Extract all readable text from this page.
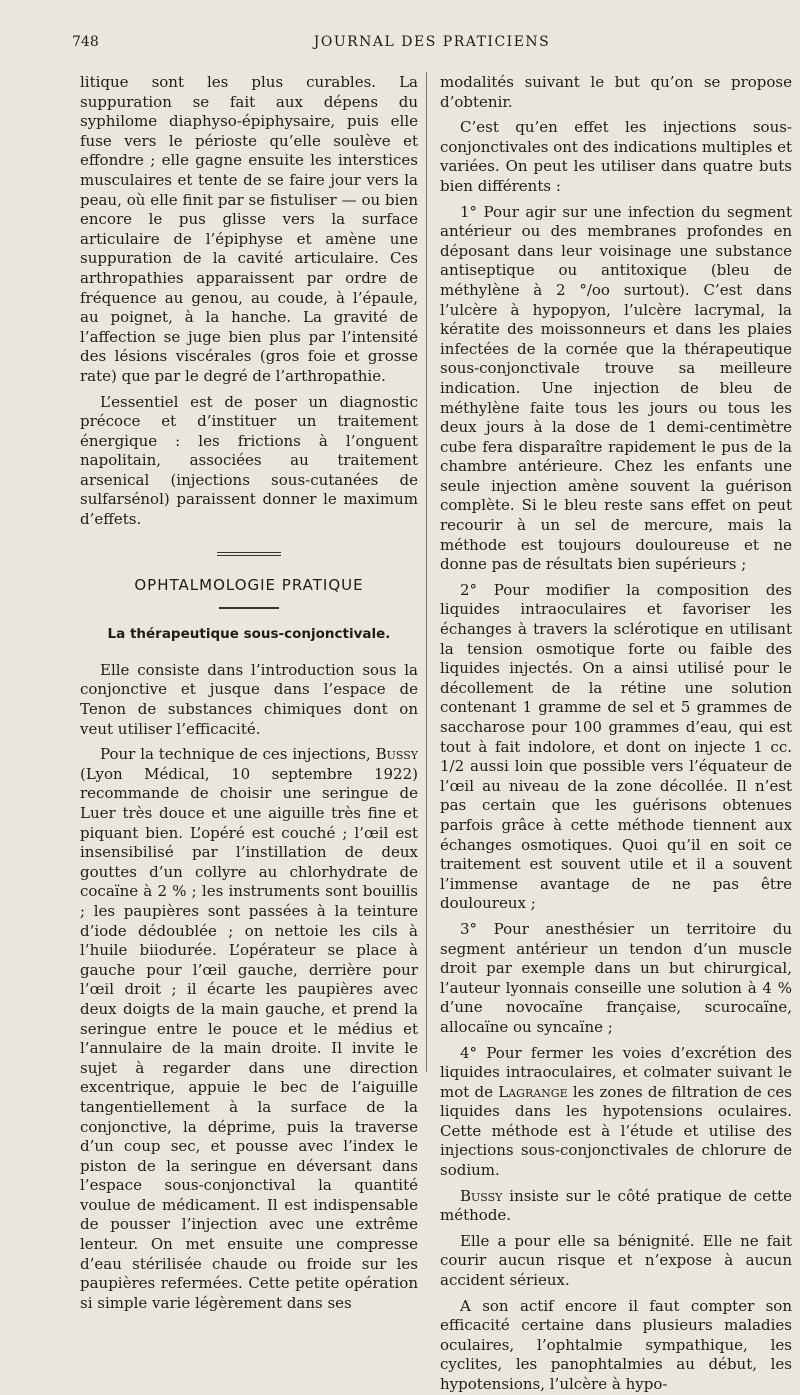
748	JOURNAL DES PRATICIENS

litique sont les plus curables. La suppuration se fait aux dépens du syphilome diaphyso-épiphysaire, puis elle fuse vers le périoste qu’elle soulève et effondre ; elle gagne ensuite les interstices musculaires et tente de se faire jour vers la peau, où elle finit par se fistuliser — ou bien encore le pus glisse vers la surface articulaire de l’épiphyse et amène une suppuration de la cavité articulaire. Ces arthropathies apparaissent par ordre de fréquence au genou, au coude, à l’épaule, au poignet, à la hanche. La gravité de l’affection se juge bien plus par l’intensité des lésions viscérales (gros foie et grosse rate) que par le degré de l’arthropathie.

L’essentiel est de poser un diagnostic précoce et d’instituer un traitement énergique : les frictions à l’onguent napolitain, associées au traitement arsenical (injections sous-cutanées de sulfarsénol) paraissent donner le maximum d’effets.

OPHTALMOLOGIE PRATIQUE
La thérapeutique sous-conjonctivale.

Elle consiste dans l’introduction sous la conjonctive et jusque dans l’espace de Tenon de substances chimiques dont on veut utiliser l’efficacité.

Pour la technique de ces injections, Bussy (Lyon Médical, 10 septembre 1922) recommande de choisir une seringue de Luer très douce et une aiguille très fine et piquant bien. L’opéré est couché ; l’œil est insensibilisé par l’instillation de deux gouttes d’un collyre au chlorhydrate de cocaïne à 2 % ; les instruments sont bouillis ; les paupières sont passées à la teinture d’iode dédoublée ; on nettoie les cils à l’huile biiodurée. L’opérateur se place à gauche pour l’œil gauche, derrière pour l’œil droit ; il écarte les paupières avec deux doigts de la main gauche, et prend la seringue entre le pouce et le médius et l’annulaire de la main droite. Il invite le sujet à regarder dans une direction excentrique, appuie le bec de l’aiguille tangentiellement à la surface de la conjonctive, la déprime, puis la traverse d’un coup sec, et pousse avec l’index le piston de la seringue en déversant dans l’espace sous-conjonctival la quantité voulue de médicament. Il est indispensable de pousser l’injection avec une extrême lenteur. On met ensuite une compresse d’eau stérilisée chaude ou froide sur les paupières refermées. Cette petite opération si simple varie légèrement dans ses

modalités suivant le but qu’on se propose d’obtenir.

C’est qu’en effet les injections sous-conjonctivales ont des indications multiples et variées. On peut les utiliser dans quatre buts bien différents :

1° Pour agir sur une infection du segment antérieur ou des membranes profondes en déposant dans leur voisinage une substance antiseptique ou antitoxique (bleu de méthylène à 2 °/oo surtout). C’est dans l’ulcère à hypopyon, l’ulcère lacrymal, la kératite des moissonneurs et dans les plaies infectées de la cornée que la thérapeutique sous-conjonctivale trouve sa meilleure indication. Une injection de bleu de méthylène faite tous les jours ou tous les deux jours à la dose de 1 demi-centimètre cube fera disparaître rapidement le pus de la chambre antérieure. Chez les enfants une seule injection amène souvent la guérison complète. Si le bleu reste sans effet on peut recourir à un sel de mercure, mais la méthode est toujours douloureuse et ne donne pas de résultats bien supérieurs ;

2° Pour modifier la composition des liquides intraoculaires et favoriser les échanges à travers la sclérotique en utilisant la tension osmotique forte ou faible des liquides injectés. On a ainsi utilisé pour le décollement de la rétine une solution contenant 1 gramme de sel et 5 grammes de saccharose pour 100 grammes d’eau, qui est tout à fait indolore, et dont on injecte 1 cc. 1/2 aussi loin que possible vers l’équateur de l’œil au niveau de la zone décollée. Il n’est pas certain que les guérisons obtenues parfois grâce à cette méthode tiennent aux échanges osmotiques. Quoi qu’il en soit ce traitement est souvent utile et il a souvent l’immense avantage de ne pas être douloureux ;

3° Pour anesthésier un territoire du segment antérieur un tendon d’un muscle droit par exemple dans un but chirurgical, l’auteur lyonnais conseille une solution à 4 % d’une novocaïne française, scurocaïne, allocaïne ou syncaïne ;

4° Pour fermer les voies d’excrétion des liquides intraoculaires, et colmater suivant le mot de Lagrange les zones de filtration de ces liquides dans les hypotensions oculaires. Cette méthode est à l’étude et utilise des injections sous-conjonctivales de chlorure de sodium.

Bussy insiste sur le côté pratique de cette méthode.

Elle a pour elle sa bénignité. Elle ne fait courir aucun risque et n’expose à aucun accident sérieux.

A son actif encore il faut compter son efficacité certaine dans plusieurs maladies oculaires, l’ophtalmie sympathique, les cyclites, les panophtalmies au début, les hypotensions, l’ulcère à hypo-
